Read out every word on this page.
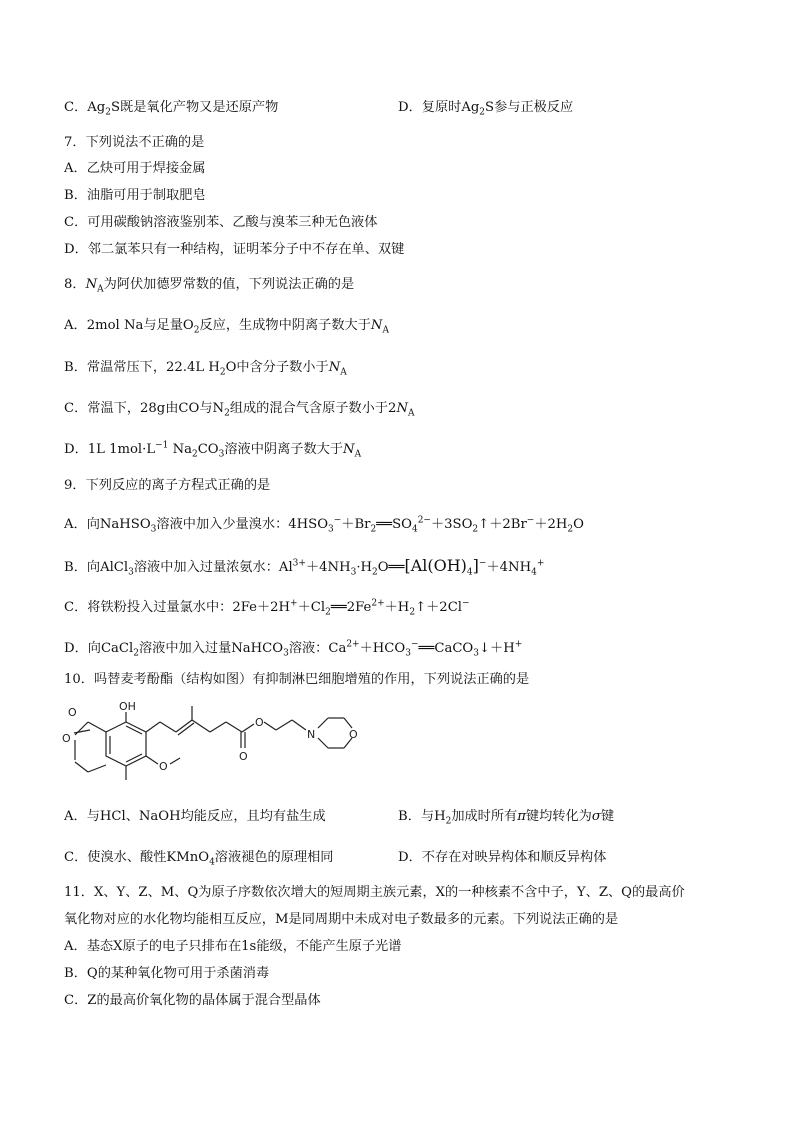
C．$Ag_2S$既是氧化产物又是还原产物	D．复原时$Ag_2S$参与正极反应
7．下列说法不正确的是
A．乙炔可用于焊接金属
B．油脂可用于制取肥皂
C．可用碳酸钠溶液鉴别苯、乙酸与溴苯三种无色液体
D．邻二氯苯只有一种结构，证明苯分子中不存在单、双键
8．$N_A$为阿伏加德罗常数的值，下列说法正确的是
A．2mol Na与足量$O_2$反应，生成物中阴离子数大于$N_A$
B．常温常压下，22.4L $H_2O$中含分子数小于$N_A$
C．常温下，28g由CO与$N_2$组成的混合气含原子数小于$2N_A$
D．1L $1mol\cdot L^{-1}$ $Na_2CO_3$溶液中阴离子数大于$N_A$
9．下列反应的离子方程式正确的是
A．向NaHSO$_3$溶液中加入少量溴水：$4HSO_3^-+Br_2══SO_4^{2-}+3SO_2↑+2Br^-+2H_2O$
B．向AlCl$_3$溶液中加入过量浓氨水：$Al^{3+}+4NH_3\cdot H_2O══[Al(OH)_4]^-+4NH_4^+$
C．将铁粉投入过量氯水中：$2Fe+2H^++Cl_2══2Fe^{2+}+H_2↑+2Cl^-$
D．向CaCl$_2$溶液中加入过量NaHCO$_3$溶液：$Ca^{2+}+HCO_3^-══CaCO_3↓+H^+$
10．吗替麦考酚酯（结构如图）有抑制淋巴细胞增殖的作用，下列说法正确的是
O
O
OH
O
O
O
N	O
A．与HCl、NaOH均能反应，且均有盐生成	B．与$H_2$加成时所有π键均转化为σ键
C．使溴水、酸性KMnO$_4$溶液褪色的原理相同	D．不存在对映异构体和顺反异构体
11．X、Y、Z、M、Q为原子序数依次增大的短周期主族元素，X的一种核素不含中子，Y、Z、Q的最高价
氧化物对应的水化物均能相互反应，M是同周期中未成对电子数最多的元素。下列说法正确的是
A．基态X原子的电子只排布在1s能级，不能产生原子光谱
B．Q的某种氧化物可用于杀菌消毒
C．Z的最高价氧化物的晶体属于混合型晶体
